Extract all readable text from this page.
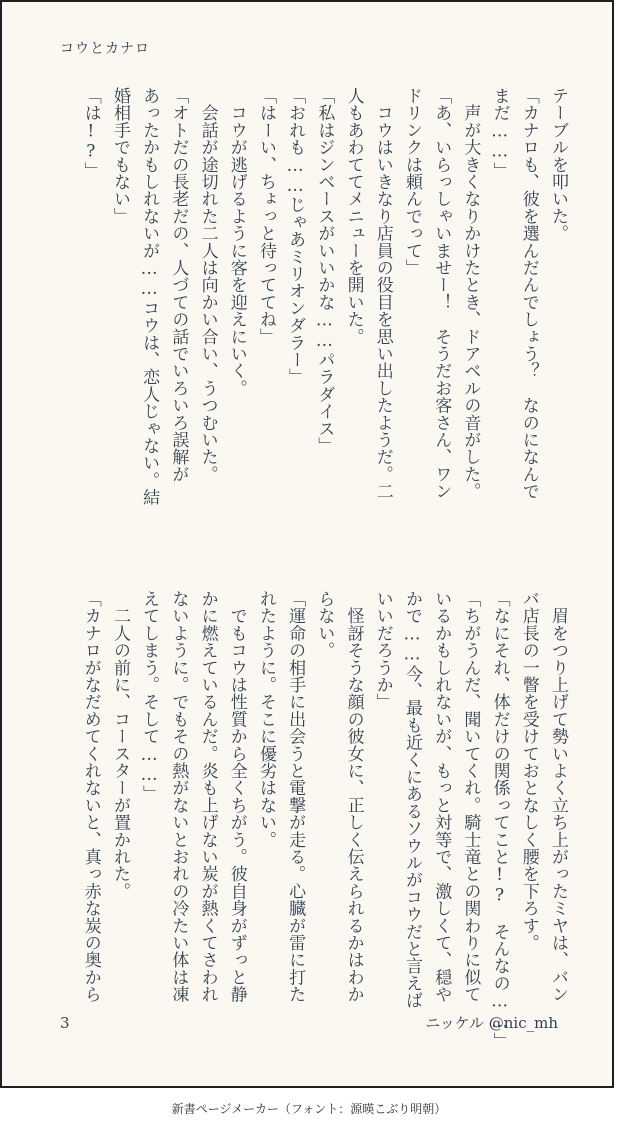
コウとカナロ
テーブルを叩いた。
「カナロも、彼を選んだんでしょう？　なのになんで
まだ……」
　声が大きくなりかけたとき、ドアベルの音がした。
「あ、いらっしゃいませー！　そうだお客さん、ワン
ドリンクは頼んでって」
　コウはいきなり店員の役目を思い出したようだ。二
人もあわててメニューを開いた。
「私はジンベースがいいかな……パラダイス」
「おれも……じゃあミリオンダラー」
「はーい、ちょっと待っててね」
　コウが逃げるように客を迎えにいく。
　会話が途切れた二人は向かい合い、うつむいた。
「オトだの長老だの、人づての話でいろいろ誤解が
あったかもしれないが……コウは、恋人じゃない。結
婚相手でもない」
「は!?」
　眉をつり上げて勢いよく立ち上がったミヤは、バン
バ店長の一瞥を受けておとなしく腰を下ろす。
「なにそれ、体だけの関係ってこと!?　そんなの……」
「ちがうんだ、聞いてくれ。騎士竜との関わりに似て
いるかもしれないが、もっと対等で、激しくて、穏や
かで……今、最も近くにあるソウルがコウだと言えば
いいだろうか」
　怪訝そうな顔の彼女に、正しく伝えられるかはわか
らない。
「運命の相手に出会うと電撃が走る。心臓が雷に打た
れたように。そこに優劣はない。
　でもコウは性質から全くちがう。彼自身がずっと静
かに燃えているんだ。炎も上げない炭が熱くてさわれ
ないように。でもその熱がないとおれの冷たい体は凍
えてしまう。そして……」
　二人の前に、コースターが置かれた。
「カナロがなだめてくれないと、真っ赤な炭の奥から
3	ニッケル @nic_mh
新書ページメーカー（フォント：源暎こぶり明朝）
